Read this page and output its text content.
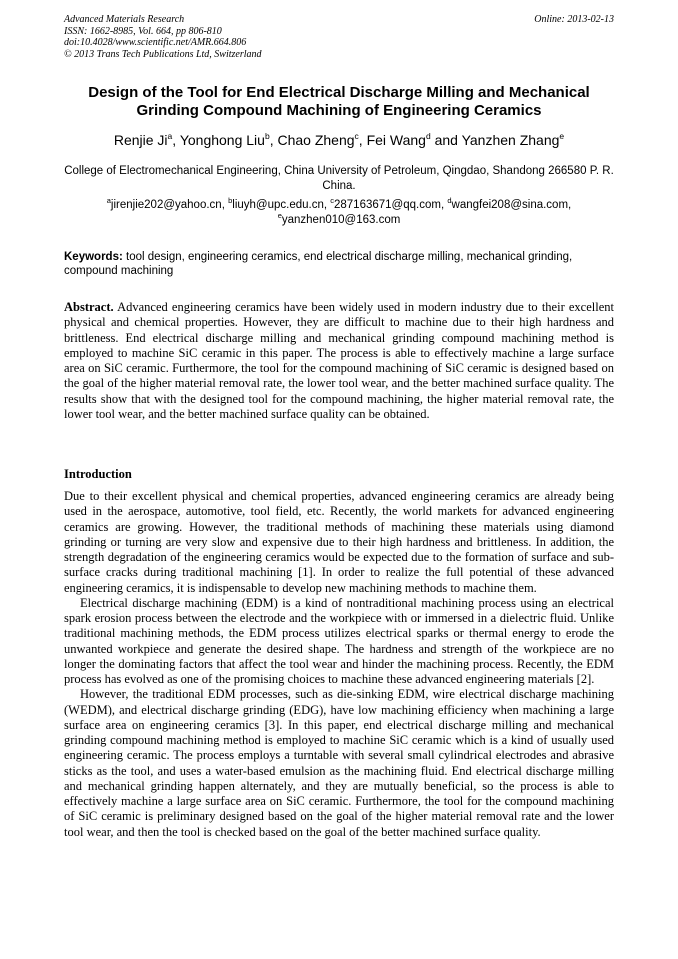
Advanced Materials Research
ISSN: 1662-8985, Vol. 664, pp 806-810
doi:10.4028/www.scientific.net/AMR.664.806
© 2013 Trans Tech Publications Ltd, Switzerland
Online: 2013-02-13
Design of the Tool for End Electrical Discharge Milling and Mechanical Grinding Compound Machining of Engineering Ceramics
Renjie Ji$^a$, Yonghong Liu$^b$, Chao Zheng$^c$, Fei Wang$^d$ and Yanzhen Zhang$^e$
College of Electromechanical Engineering, China University of Petroleum, Qingdao, Shandong 266580 P. R. China.
$^a$jirenjie202@yahoo.cn, $^b$liuyh@upc.edu.cn, $^c$287163671@qq.com, $^d$wangfei208@sina.com, $^e$yanzhen010@163.com
Keywords: tool design, engineering ceramics, end electrical discharge milling, mechanical grinding, compound machining
Abstract. Advanced engineering ceramics have been widely used in modern industry due to their excellent physical and chemical properties. However, they are difficult to machine due to their high hardness and brittleness. End electrical discharge milling and mechanical grinding compound machining method is employed to machine SiC ceramic in this paper. The process is able to effectively machine a large surface area on SiC ceramic. Furthermore, the tool for the compound machining of SiC ceramic is designed based on the goal of the higher material removal rate, the lower tool wear, and the better machined surface quality. The results show that with the designed tool for the compound machining, the higher material removal rate, the lower tool wear, and the better machined surface quality can be obtained.
Introduction

Due to their excellent physical and chemical properties, advanced engineering ceramics are already being used in the aerospace, automotive, tool field, etc. Recently, the world markets for advanced engineering ceramics are growing. However, the traditional methods of machining these materials using diamond grinding or turning are very slow and expensive due to their high hardness and brittleness. In addition, the strength degradation of the engineering ceramics would be expected due to the formation of surface and sub-surface cracks during traditional machining [1]. In order to realize the full potential of these advanced engineering ceramics, it is indispensable to develop new machining methods to machine them.

Electrical discharge machining (EDM) is a kind of nontraditional machining process using an electrical spark erosion process between the electrode and the workpiece with or immersed in a dielectric fluid. Unlike traditional machining methods, the EDM process utilizes electrical sparks or thermal energy to erode the unwanted workpiece and generate the desired shape. The hardness and strength of the workpiece are no longer the dominating factors that affect the tool wear and hinder the machining process. Recently, the EDM process has evolved as one of the promising choices to machine these advanced engineering materials [2].

However, the traditional EDM processes, such as die-sinking EDM, wire electrical discharge machining (WEDM), and electrical discharge grinding (EDG), have low machining efficiency when machining a large surface area on engineering ceramics [3]. In this paper, end electrical discharge milling and mechanical grinding compound machining method is employed to machine SiC ceramic which is a kind of usually used engineering ceramic. The process employs a turntable with several small cylindrical electrodes and abrasive sticks as the tool, and uses a water-based emulsion as the machining fluid. End electrical discharge milling and mechanical grinding happen alternately, and they are mutually beneficial, so the process is able to effectively machine a large surface area on SiC ceramic. Furthermore, the tool for the compound machining of SiC ceramic is preliminary designed based on the goal of the higher material removal rate and the lower tool wear, and then the tool is checked based on the goal of the better machined surface quality.
